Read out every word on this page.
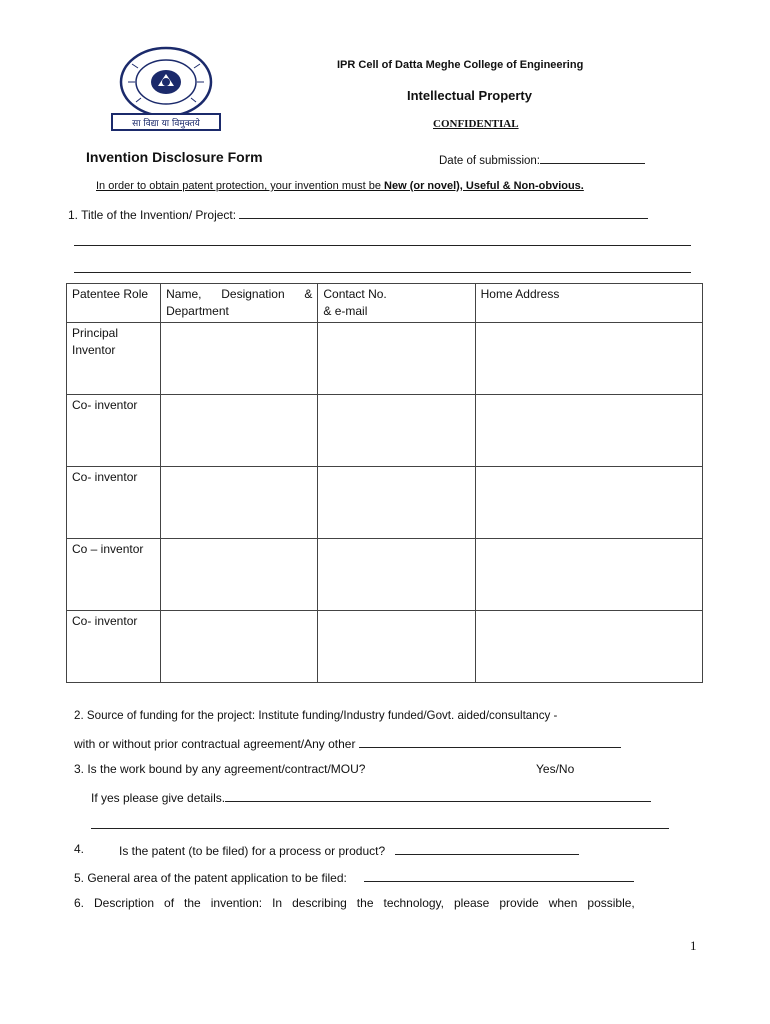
सा विद्या या विमुक्तये
IPR Cell of Datta Meghe College of Engineering
Intellectual Property
CONFIDENTIAL
Invention Disclosure Form	Date of submission:
In order to obtain patent protection, your invention must be New (or novel), Useful & Non-obvious.
1. Title of the Invention/ Project:
Patentee Role	Name, Designation & Department	Contact No.
& e-mail	Home Address
Principal Inventor			
Co- inventor			
Co- inventor			
Co – inventor			
Co- inventor			
2. Source of funding for the project: Institute funding/Industry funded/Govt. aided/consultancy -
with or without prior contractual agreement/Any other
3. Is the work bound by any agreement/contract/MOU?	Yes/No
If yes please give details.
4.	Is the patent (to be filed) for a process or product?
5. General area of the patent application to be filed:
6.   Description   of   the   invention:   In   describing   the   technology,   please   provide   when   possible,
1
